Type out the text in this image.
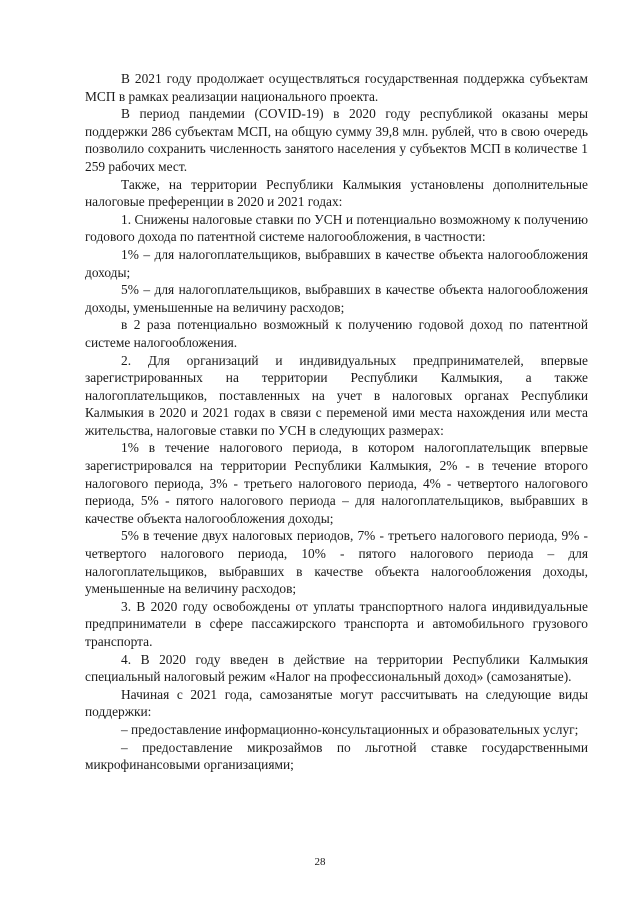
В 2021 году продолжает осуществляться государственная поддержка субъектам МСП в рамках реализации национального проекта.

В период пандемии (COVID-19) в 2020 году республикой оказаны меры поддержки 286 субъектам МСП, на общую сумму 39,8 млн. рублей, что в свою очередь позволило сохранить численность занятого населения у субъектов МСП в количестве 1 259 рабочих мест.

Также, на территории Республики Калмыкия установлены дополнительные налоговые преференции в 2020 и 2021 годах:

1. Снижены налоговые ставки по УСН и потенциально возможному к получению годового дохода по патентной системе налогообложения, в частности:

1% – для налогоплательщиков, выбравших в качестве объекта налогообложения доходы;

5% – для налогоплательщиков, выбравших в качестве объекта налогообложения доходы, уменьшенные на величину расходов;

в 2 раза потенциально возможный к получению годовой доход по патентной системе налогообложения.

2. Для организаций и индивидуальных предпринимателей, впервые зарегистрированных на территории Республики Калмыкия, а также налогоплательщиков, поставленных на учет в налоговых органах Республики Калмыкия в 2020 и 2021 годах в связи с переменой ими места нахождения или места жительства, налоговые ставки по УСН в следующих размерах:

1% в течение налогового периода, в котором налогоплательщик впервые зарегистрировался на территории Республики Калмыкия, 2% - в течение второго налогового периода, 3% - третьего налогового периода, 4% - четвертого налогового периода, 5% - пятого налогового периода – для налогоплательщиков, выбравших в качестве объекта налогообложения доходы;

5% в течение двух налоговых периодов, 7% - третьего налогового периода, 9% - четвертого налогового периода, 10% - пятого налогового периода – для налогоплательщиков, выбравших в качестве объекта налогообложения доходы, уменьшенные на величину расходов;

3. В 2020 году освобождены от уплаты транспортного налога индивидуальные предприниматели в сфере пассажирского транспорта и автомобильного грузового транспорта.

4. В 2020 году введен в действие на территории Республики Калмыкия специальный налоговый режим «Налог на профессиональный доход» (самозанятые).

Начиная с 2021 года, самозанятые могут рассчитывать на следующие виды поддержки:

– предоставление информационно-консультационных и образовательных услуг;

– предоставление микрозаймов по льготной ставке государственными микрофинансовыми организациями;

28
